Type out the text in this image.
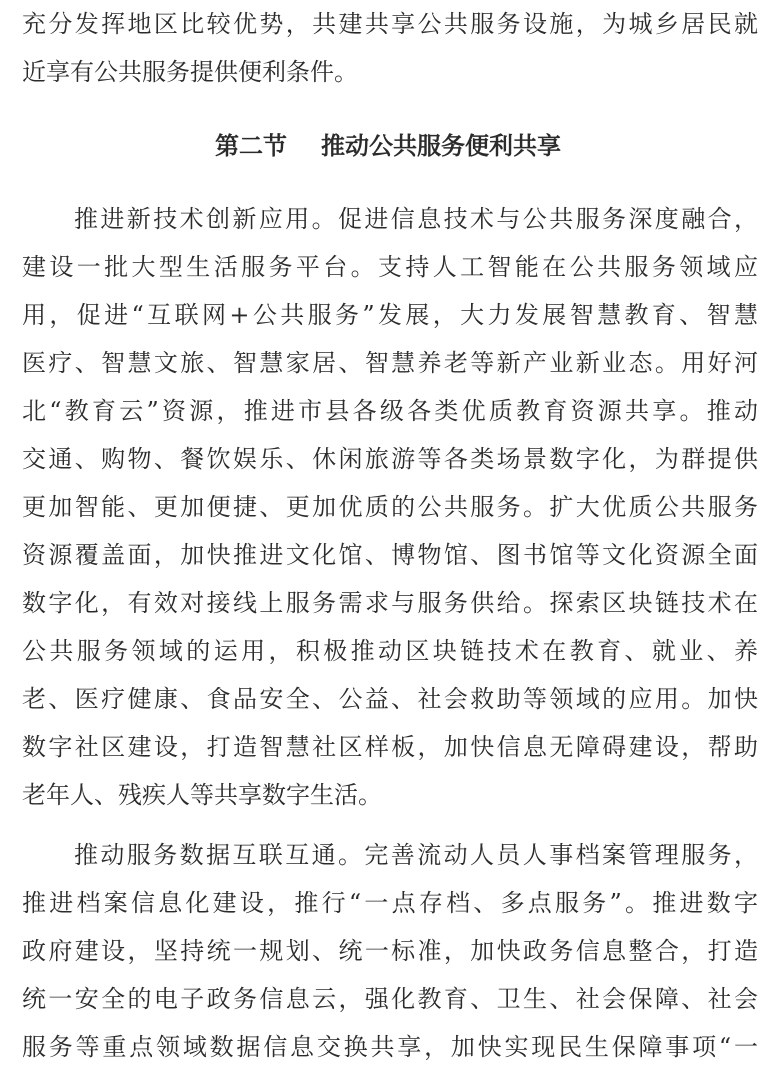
充分发挥地区比较优势，共建共享公共服务设施，为城乡居民就
近享有公共服务提供便利条件。
第二节 推动公共服务便利共享
推进新技术创新应用。促进信息技术与公共服务深度融合，
建设一批大型生活服务平台。支持人工智能在公共服务领域应
用，促进“互联网+公共服务”发展，大力发展智慧教育、智慧
医疗、智慧文旅、智慧家居、智慧养老等新产业新业态。用好河
北“教育云”资源，推进市县各级各类优质教育资源共享。推动
交通、购物、餐饮娱乐、休闲旅游等各类场景数字化，为群提供
更加智能、更加便捷、更加优质的公共服务。扩大优质公共服务
资源覆盖面，加快推进文化馆、博物馆、图书馆等文化资源全面
数字化，有效对接线上服务需求与服务供给。探索区块链技术在
公共服务领域的运用，积极推动区块链技术在教育、就业、养
老、医疗健康、食品安全、公益、社会救助等领域的应用。加快
数字社区建设，打造智慧社区样板，加快信息无障碍建设，帮助
老年人、残疾人等共享数字生活。
推动服务数据互联互通。完善流动人员人事档案管理服务，
推进档案信息化建设，推行“一点存档、多点服务”。推进数字
政府建设，坚持统一规划、统一标准，加快政务信息整合，打造
统一安全的电子政务信息云，强化教育、卫生、社会保障、社会
服务等重点领域数据信息交换共享，加快实现民生保障事项“一
